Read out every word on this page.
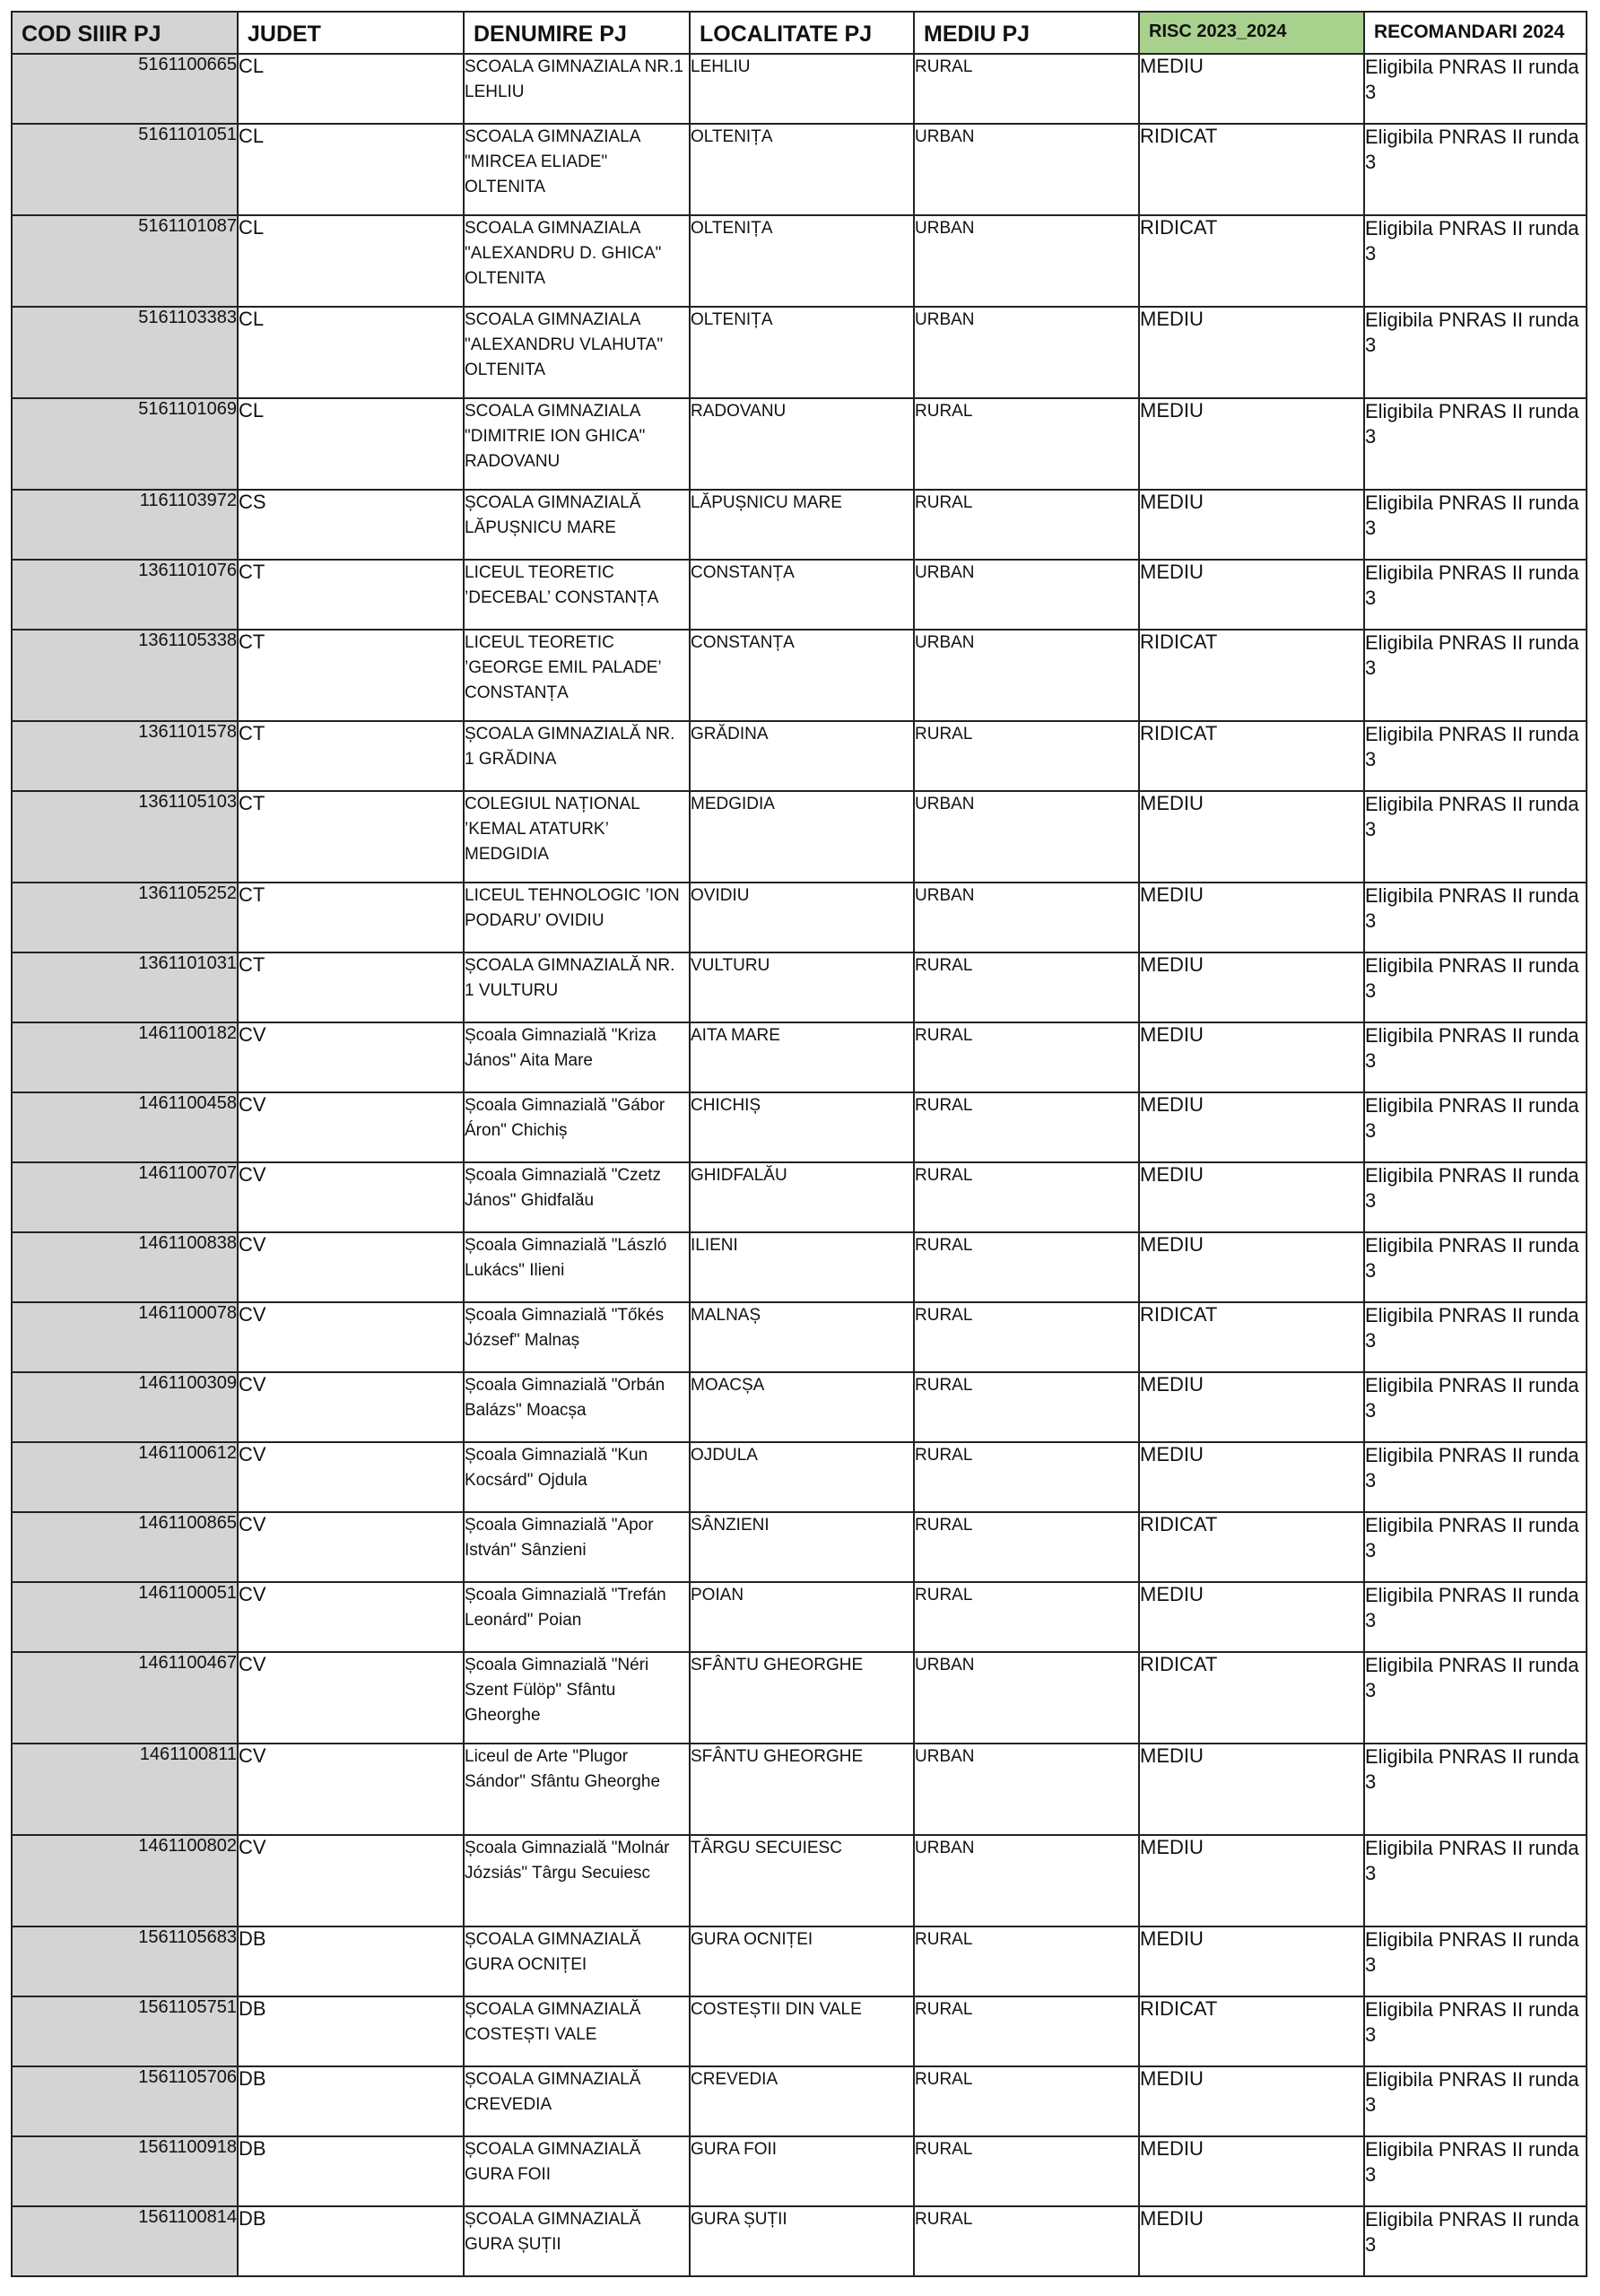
COD SIIIR PJ	JUDET	DENUMIRE PJ	LOCALITATE PJ	MEDIU PJ	RISC 2023_2024	RECOMANDARI 2024
5161100665	CL	SCOALA GIMNAZIALA NR.1 LEHLIU	LEHLIU	RURAL	MEDIU	Eligibila PNRAS II runda 3
5161101051	CL	SCOALA GIMNAZIALA "MIRCEA ELIADE" OLTENITA	OLTENIȚA	URBAN	RIDICAT	Eligibila PNRAS II runda 3
5161101087	CL	SCOALA GIMNAZIALA "ALEXANDRU D. GHICA" OLTENITA	OLTENIȚA	URBAN	RIDICAT	Eligibila PNRAS II runda 3
5161103383	CL	SCOALA GIMNAZIALA "ALEXANDRU VLAHUTA" OLTENITA	OLTENIȚA	URBAN	MEDIU	Eligibila PNRAS II runda 3
5161101069	CL	SCOALA GIMNAZIALA "DIMITRIE ION GHICA" RADOVANU	RADOVANU	RURAL	MEDIU	Eligibila PNRAS II runda 3
1161103972	CS	ȘCOALA GIMNAZIALĂ LĂPUȘNICU MARE	LĂPUȘNICU MARE	RURAL	MEDIU	Eligibila PNRAS II runda 3
1361101076	CT	LICEUL TEORETIC ’DECEBAL’ CONSTANȚA	CONSTANȚA	URBAN	MEDIU	Eligibila PNRAS II runda 3
1361105338	CT	LICEUL TEORETIC ’GEORGE EMIL PALADE’ CONSTANȚA	CONSTANȚA	URBAN	RIDICAT	Eligibila PNRAS II runda 3
1361101578	CT	ȘCOALA GIMNAZIALĂ NR. 1 GRĂDINA	GRĂDINA	RURAL	RIDICAT	Eligibila PNRAS II runda 3
1361105103	CT	COLEGIUL NAȚIONAL ’KEMAL ATATURK’ MEDGIDIA	MEDGIDIA	URBAN	MEDIU	Eligibila PNRAS II runda 3
1361105252	CT	LICEUL TEHNOLOGIC ’ION PODARU’ OVIDIU	OVIDIU	URBAN	MEDIU	Eligibila PNRAS II runda 3
1361101031	CT	ȘCOALA GIMNAZIALĂ NR. 1 VULTURU	VULTURU	RURAL	MEDIU	Eligibila PNRAS II runda 3
1461100182	CV	Școala Gimnazială "Kriza János" Aita Mare	AITA MARE	RURAL	MEDIU	Eligibila PNRAS II runda 3
1461100458	CV	Școala Gimnazială "Gábor Áron" Chichiș	CHICHIȘ	RURAL	MEDIU	Eligibila PNRAS II runda 3
1461100707	CV	Școala Gimnazială "Czetz János" Ghidfalău	GHIDFALĂU	RURAL	MEDIU	Eligibila PNRAS II runda 3
1461100838	CV	Școala Gimnazială "László Lukács" Ilieni	ILIENI	RURAL	MEDIU	Eligibila PNRAS II runda 3
1461100078	CV	Școala Gimnazială "Tőkés József" Malnaș	MALNAȘ	RURAL	RIDICAT	Eligibila PNRAS II runda 3
1461100309	CV	Școala Gimnazială "Orbán Balázs" Moacșa	MOACȘA	RURAL	MEDIU	Eligibila PNRAS II runda 3
1461100612	CV	Școala Gimnazială "Kun Kocsárd" Ojdula	OJDULA	RURAL	MEDIU	Eligibila PNRAS II runda 3
1461100865	CV	Școala Gimnazială "Apor István" Sânzieni	SÂNZIENI	RURAL	RIDICAT	Eligibila PNRAS II runda 3
1461100051	CV	Școala Gimnazială "Trefán Leonárd" Poian	POIAN	RURAL	MEDIU	Eligibila PNRAS II runda 3
1461100467	CV	Școala Gimnazială "Néri Szent Fülöp" Sfântu Gheorghe	SFÂNTU GHEORGHE	URBAN	RIDICAT	Eligibila PNRAS II runda 3
1461100811	CV	Liceul de Arte "Plugor Sándor" Sfântu Gheorghe	SFÂNTU GHEORGHE	URBAN	MEDIU	Eligibila PNRAS II runda 3
1461100802	CV	Școala Gimnazială "Molnár Józsiás" Târgu Secuiesc	TÂRGU SECUIESC	URBAN	MEDIU	Eligibila PNRAS II runda 3
1561105683	DB	ȘCOALA GIMNAZIALĂ GURA OCNIȚEI	GURA OCNIȚEI	RURAL	MEDIU	Eligibila PNRAS II runda 3
1561105751	DB	ȘCOALA GIMNAZIALĂ COSTEȘTI VALE	COSTEȘTII DIN VALE	RURAL	RIDICAT	Eligibila PNRAS II runda 3
1561105706	DB	ȘCOALA GIMNAZIALĂ CREVEDIA	CREVEDIA	RURAL	MEDIU	Eligibila PNRAS II runda 3
1561100918	DB	ȘCOALA GIMNAZIALĂ GURA FOII	GURA FOII	RURAL	MEDIU	Eligibila PNRAS II runda 3
1561100814	DB	ȘCOALA GIMNAZIALĂ GURA ȘUȚII	GURA ȘUȚII	RURAL	MEDIU	Eligibila PNRAS II runda 3
